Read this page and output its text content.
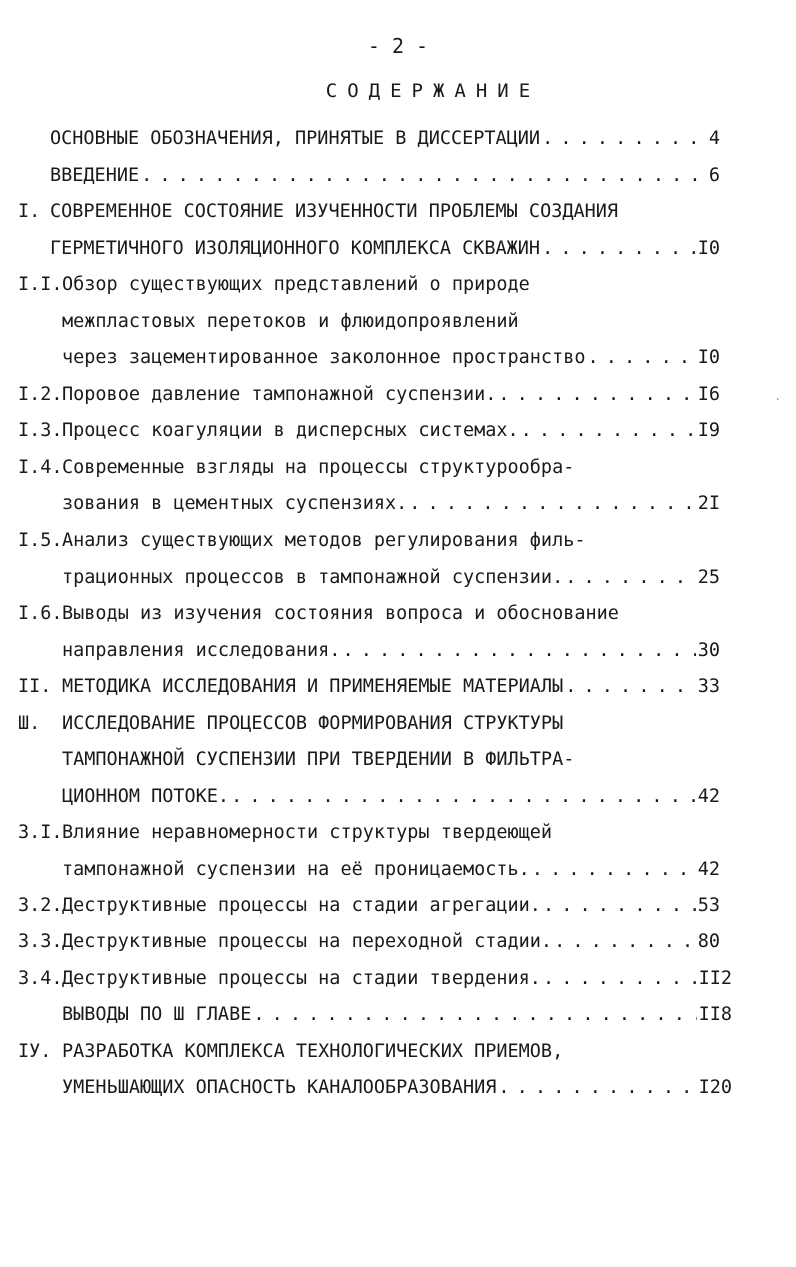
- 2 -
СОДЕРЖАНИЕ
ОСНОВНЫЕ ОБОЗНАЧЕНИЯ, ПРИНЯТЫЕ В ДИССЕРТАЦИИ . . .	4
ВВЕДЕНИЕ . . .	6
I. СОВРЕМЕННОЕ СОСТОЯНИЕ ИЗУЧЕННОСТИ ПРОБЛЕМЫ СОЗДАНИЯ
ГЕРМЕТИЧНОГО ИЗОЛЯЦИОННОГО КОМПЛЕКСА СКВАЖИН . . .	I0
I.I. Обзор существующих представлений о природе
межпластовых перетоков и флюидопроявлений
через зацементированное заколонное пространство . . .	I0
I.2. Поровое давление тампонажной суспензии. . . .	I6
I.3. Процесс коагуляции в дисперсных системах. . . .	I9
I.4. Современные взгляды на процессы структурообра-
зования в цементных суспензиях. . . .	2I
I.5. Анализ существующих методов регулирования филь-
трационных процессов в тампонажной суспензии. . . .	25
I.6. Выводы из изучения состояния вопроса и обоснование
направления исследования. . . .	30
II. МЕТОДИКА ИССЛЕДОВАНИЯ И ПРИМЕНЯЕМЫЕ МАТЕРИАЛЫ . . .	33
Ш. ИССЛЕДОВАНИЕ ПРОЦЕССОВ ФОРМИРОВАНИЯ СТРУКТУРЫ
ТАМПОНАЖНОЙ СУСПЕНЗИИ ПРИ ТВЕРДЕНИИ В ФИЛЬТРА-
ЦИОННОМ ПОТОКЕ. . . .	42
3.I. Влияние неравномерности структуры твердеющей
тампонажной суспензии на её проницаемость. . . .	42
3.2. Деструктивные процессы на стадии агрегации. . . .	53
3.3. Деструктивные процессы на переходной стадии. . . .	80
3.4. Деструктивные процессы на стадии твердения. . . .	II2
ВЫВОДЫ ПО Ш ГЛАВЕ . . .	II8
IУ. РАЗРАБОТКА КОМПЛЕКСА ТЕХНОЛОГИЧЕСКИХ ПРИЕМОВ,
УМЕНЬШАЮЩИХ ОПАСНОСТЬ КАНАЛООБРАЗОВАНИЯ . . .	I20
`
